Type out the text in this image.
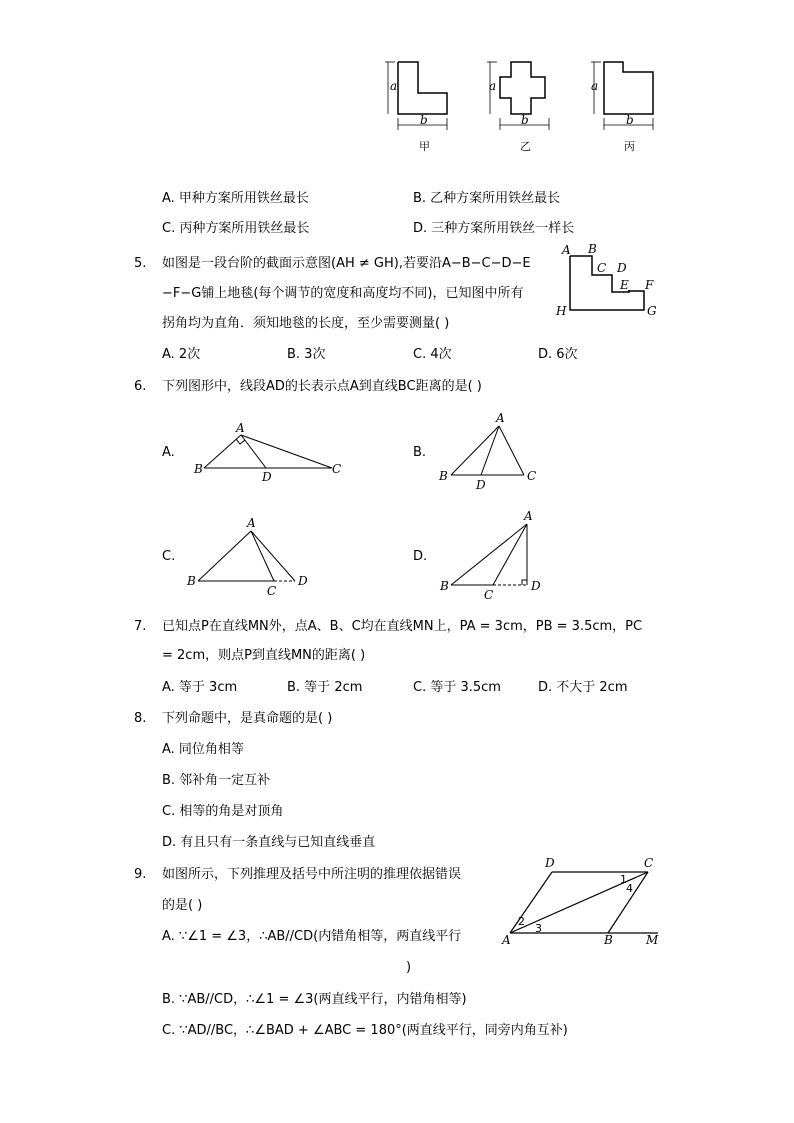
a
b
甲
a
b
乙
a
b
丙
A. 甲种方案所用铁丝最长	B. 乙种方案所用铁丝最长
C. 丙种方案所用铁丝最长	D. 三种方案所用铁丝一样长
5. 如图是一段台阶的截面示意图(AH ≠ GH),若要沿A−B−C−D−E
−F−G铺上地毯(每个调节的宽度和高度均不同)，已知图中所有
拐角均为直角．须知地毯的长度，至少需要测量( )
A B
C D
E F
G
H
A. 2次	B. 3次	C. 4次	D. 6次
6. 下列图形中，线段AD的长表示点A到直线BC距离的是( )
A.
A
B	C
D
B.
A
B	C
D
C.
A
B
C
D
D.
A
B
C
D
7. 已知点P在直线MN外，点A、B、C均在直线MN上，PA = 3cm，PB = 3.5cm，PC
= 2cm，则点P到直线MN的距离( )
A. 等于 3cm	B. 等于 2cm	C. 等于 3.5cm	D. 不大于 2cm
8. 下列命题中，是真命题的是( )
A. 同位角相等
B. 邻补角一定互补
C. 相等的角是对顶角
D. 有且只有一条直线与已知直线垂直
9. 如图所示，下列推理及括号中所注明的推理依据错误
的是( )
D	C
A	B	M
1
2
3
4
A. ∵∠1 = ∠3，∴AB//CD(内错角相等，两直线平行
)
B. ∵AB//CD，∴∠1 = ∠3(两直线平行，内错角相等)
C. ∵AD//BC，∴∠BAD + ∠ABC = 180°(两直线平行，同旁内角互补)
